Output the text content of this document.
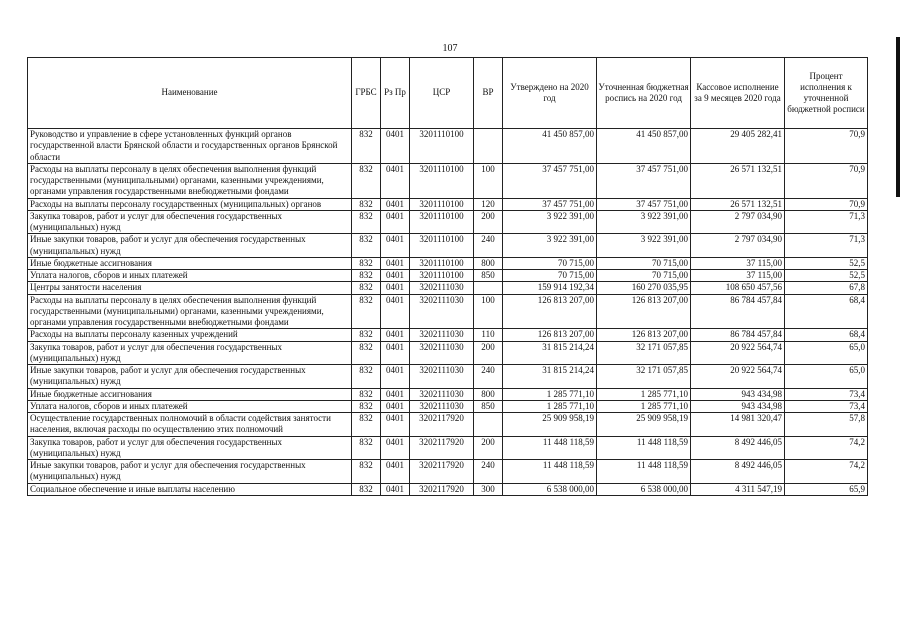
107
Наименование	ГРБС	Рз Пр	ЦСР	ВР	Утверждено на 2020 год	Уточненная бюджетная роспись на 2020 год	Кассовое исполнение за 9 месяцев 2020 года	Процент исполнения к уточненной бюджетной росписи
Руководство и управление в сфере установленных функций органов государственной власти Брянской области и государственных органов Брянской области	832	0401	3201110100		41 450 857,00	41 450 857,00	29 405 282,41	70,9
Расходы на выплаты персоналу в целях обеспечения выполнения функций государственными (муниципальными) органами, казенными учреждениями, органами управления государственными внебюджетными фондами	832	0401	3201110100	100	37 457 751,00	37 457 751,00	26 571 132,51	70,9
Расходы на выплаты персоналу государственных (муниципальных) органов	832	0401	3201110100	120	37 457 751,00	37 457 751,00	26 571 132,51	70,9
Закупка товаров, работ и услуг для обеспечения государственных (муниципальных) нужд	832	0401	3201110100	200	3 922 391,00	3 922 391,00	2 797 034,90	71,3
Иные закупки товаров, работ и услуг для обеспечения государственных (муниципальных) нужд	832	0401	3201110100	240	3 922 391,00	3 922 391,00	2 797 034,90	71,3
Иные бюджетные ассигнования	832	0401	3201110100	800	70 715,00	70 715,00	37 115,00	52,5
Уплата налогов, сборов и иных платежей	832	0401	3201110100	850	70 715,00	70 715,00	37 115,00	52,5
Центры занятости населения	832	0401	3202111030		159 914 192,34	160 270 035,95	108 650 457,56	67,8
Расходы на выплаты персоналу в целях обеспечения выполнения функций государственными (муниципальными) органами, казенными учреждениями, органами управления государственными внебюджетными фондами	832	0401	3202111030	100	126 813 207,00	126 813 207,00	86 784 457,84	68,4
Расходы на выплаты персоналу казенных учреждений	832	0401	3202111030	110	126 813 207,00	126 813 207,00	86 784 457,84	68,4
Закупка товаров, работ и услуг для обеспечения государственных (муниципальных) нужд	832	0401	3202111030	200	31 815 214,24	32 171 057,85	20 922 564,74	65,0
Иные закупки товаров, работ и услуг для обеспечения государственных (муниципальных) нужд	832	0401	3202111030	240	31 815 214,24	32 171 057,85	20 922 564,74	65,0
Иные бюджетные ассигнования	832	0401	3202111030	800	1 285 771,10	1 285 771,10	943 434,98	73,4
Уплата налогов, сборов и иных платежей	832	0401	3202111030	850	1 285 771,10	1 285 771,10	943 434,98	73,4
Осуществление государственных полномочий в области содействия занятости населения, включая расходы по осуществлению этих полномочий	832	0401	3202117920		25 909 958,19	25 909 958,19	14 981 320,47	57,8
Закупка товаров, работ и услуг для обеспечения государственных (муниципальных) нужд	832	0401	3202117920	200	11 448 118,59	11 448 118,59	8 492 446,05	74,2
Иные закупки товаров, работ и услуг для обеспечения государственных (муниципальных) нужд	832	0401	3202117920	240	11 448 118,59	11 448 118,59	8 492 446,05	74,2
Социальное обеспечение и иные выплаты населению	832	0401	3202117920	300	6 538 000,00	6 538 000,00	4 311 547,19	65,9
